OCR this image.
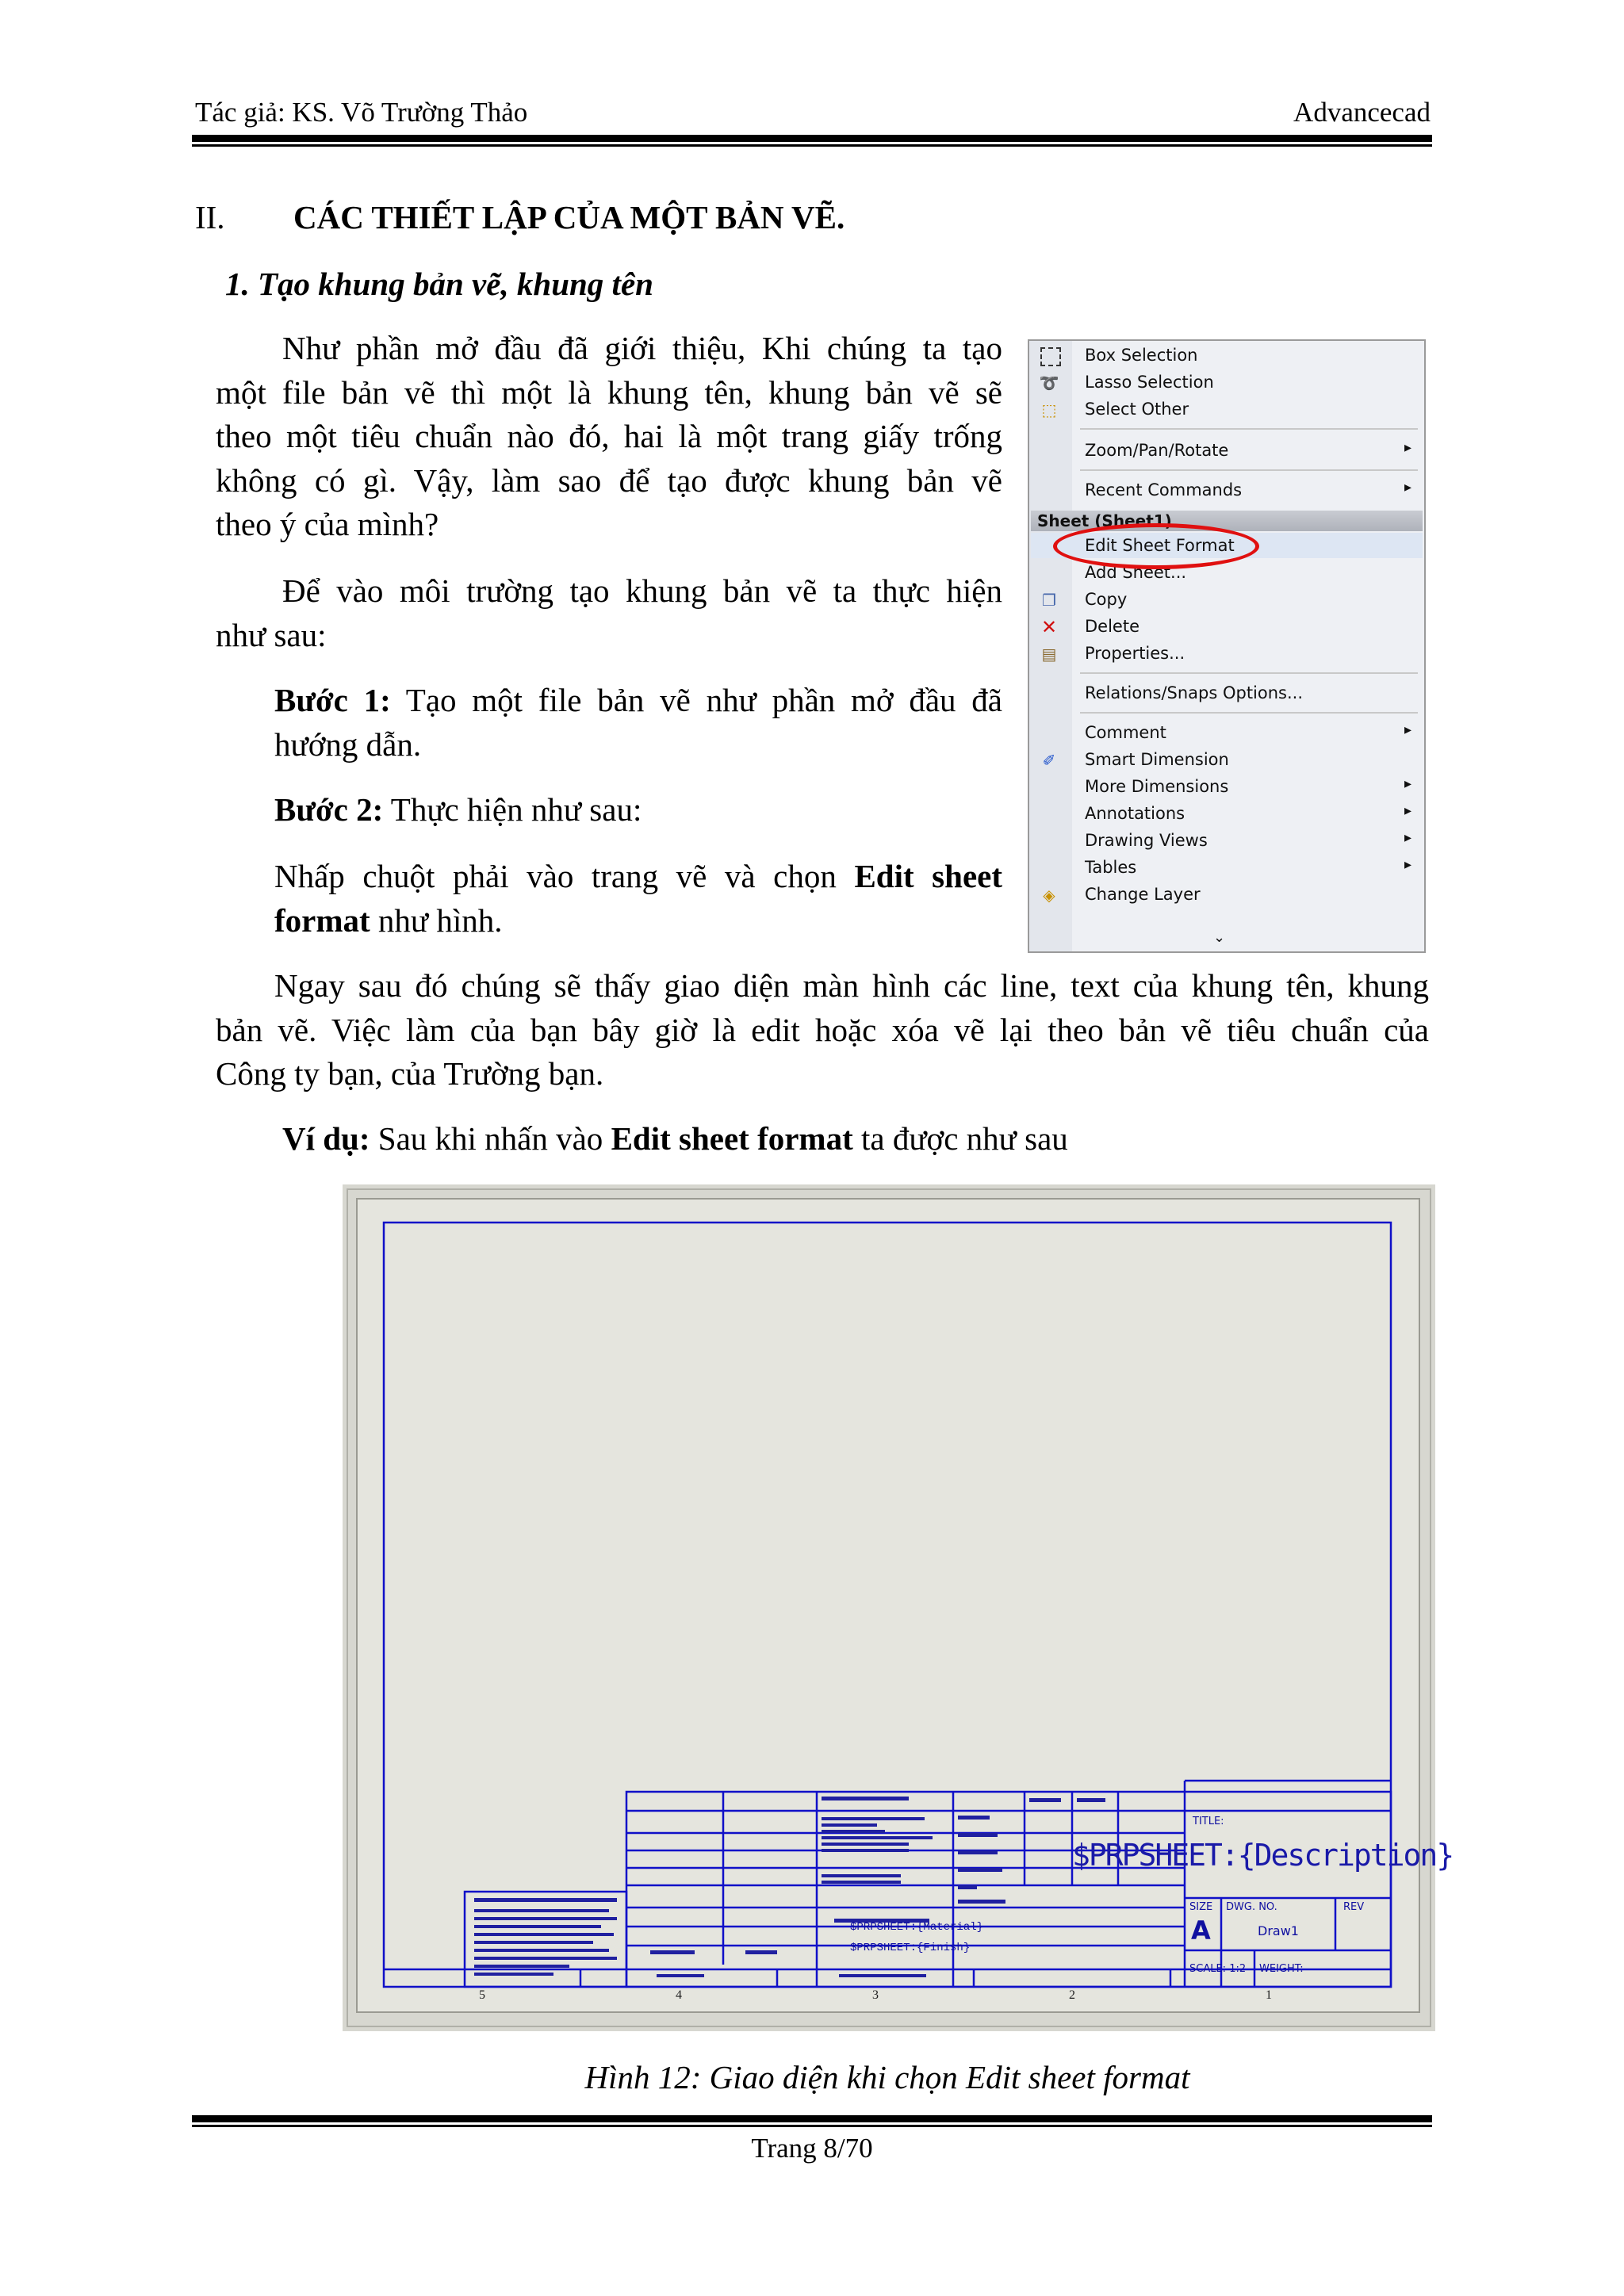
Tác giả: KS. Võ Trường Thảo	Advancecad
II. CÁC THIẾT LẬP CỦA MỘT BẢN VẼ.
1. Tạo khung bản vẽ, khung tên
Như phần mở đầu đã giới thiệu, Khi chúng ta tạo
một file bản vẽ thì một là khung tên, khung bản vẽ sẽ
theo một tiêu chuẩn nào đó, hai là một trang giấy trống
không có gì. Vậy, làm sao để tạo được khung bản vẽ
theo ý của mình?
Để vào môi trường tạo khung bản vẽ ta thực hiện
như sau:
Bước 1: Tạo một file bản vẽ như phần mở đầu đã
hướng dẫn.
Bước 2: Thực hiện như sau:
Nhấp chuột phải vào trang vẽ và chọn Edit sheet
format như hình.
Box Selection
➰ Lasso Selection
⬚ Select Other
Zoom/Pan/Rotate	▸
Recent Commands	▸
Sheet (Sheet1)
Edit Sheet Format
Add Sheet...
❐ Copy
✕ Delete
▤ Properties...
Relations/Snaps Options...
Comment	▸
✐ Smart Dimension
More Dimensions	▸
Annotations	▸
Drawing Views	▸
Tables	▸
◈ Change Layer
⌄
Ngay sau đó chúng sẽ thấy giao diện màn hình các line, text của khung tên, khung
bản vẽ. Việc làm của bạn bây giờ là edit hoặc xóa vẽ lại theo bản vẽ tiêu chuẩn của
Công ty bạn, của Trường bạn.
Ví dụ: Sau khi nhấn vào Edit sheet format ta được như sau
$PRPSHEET:{Material}
$PRPSHEET:{Finish}
TITLE:
$PRPSHEET:{Description}
SIZE
A
DWG. NO.
Draw1
REV
SCALE: 1:2 WEIGHT:
5	4	3	2	1
Hình 12: Giao diện khi chọn Edit sheet format
Trang 8/70
